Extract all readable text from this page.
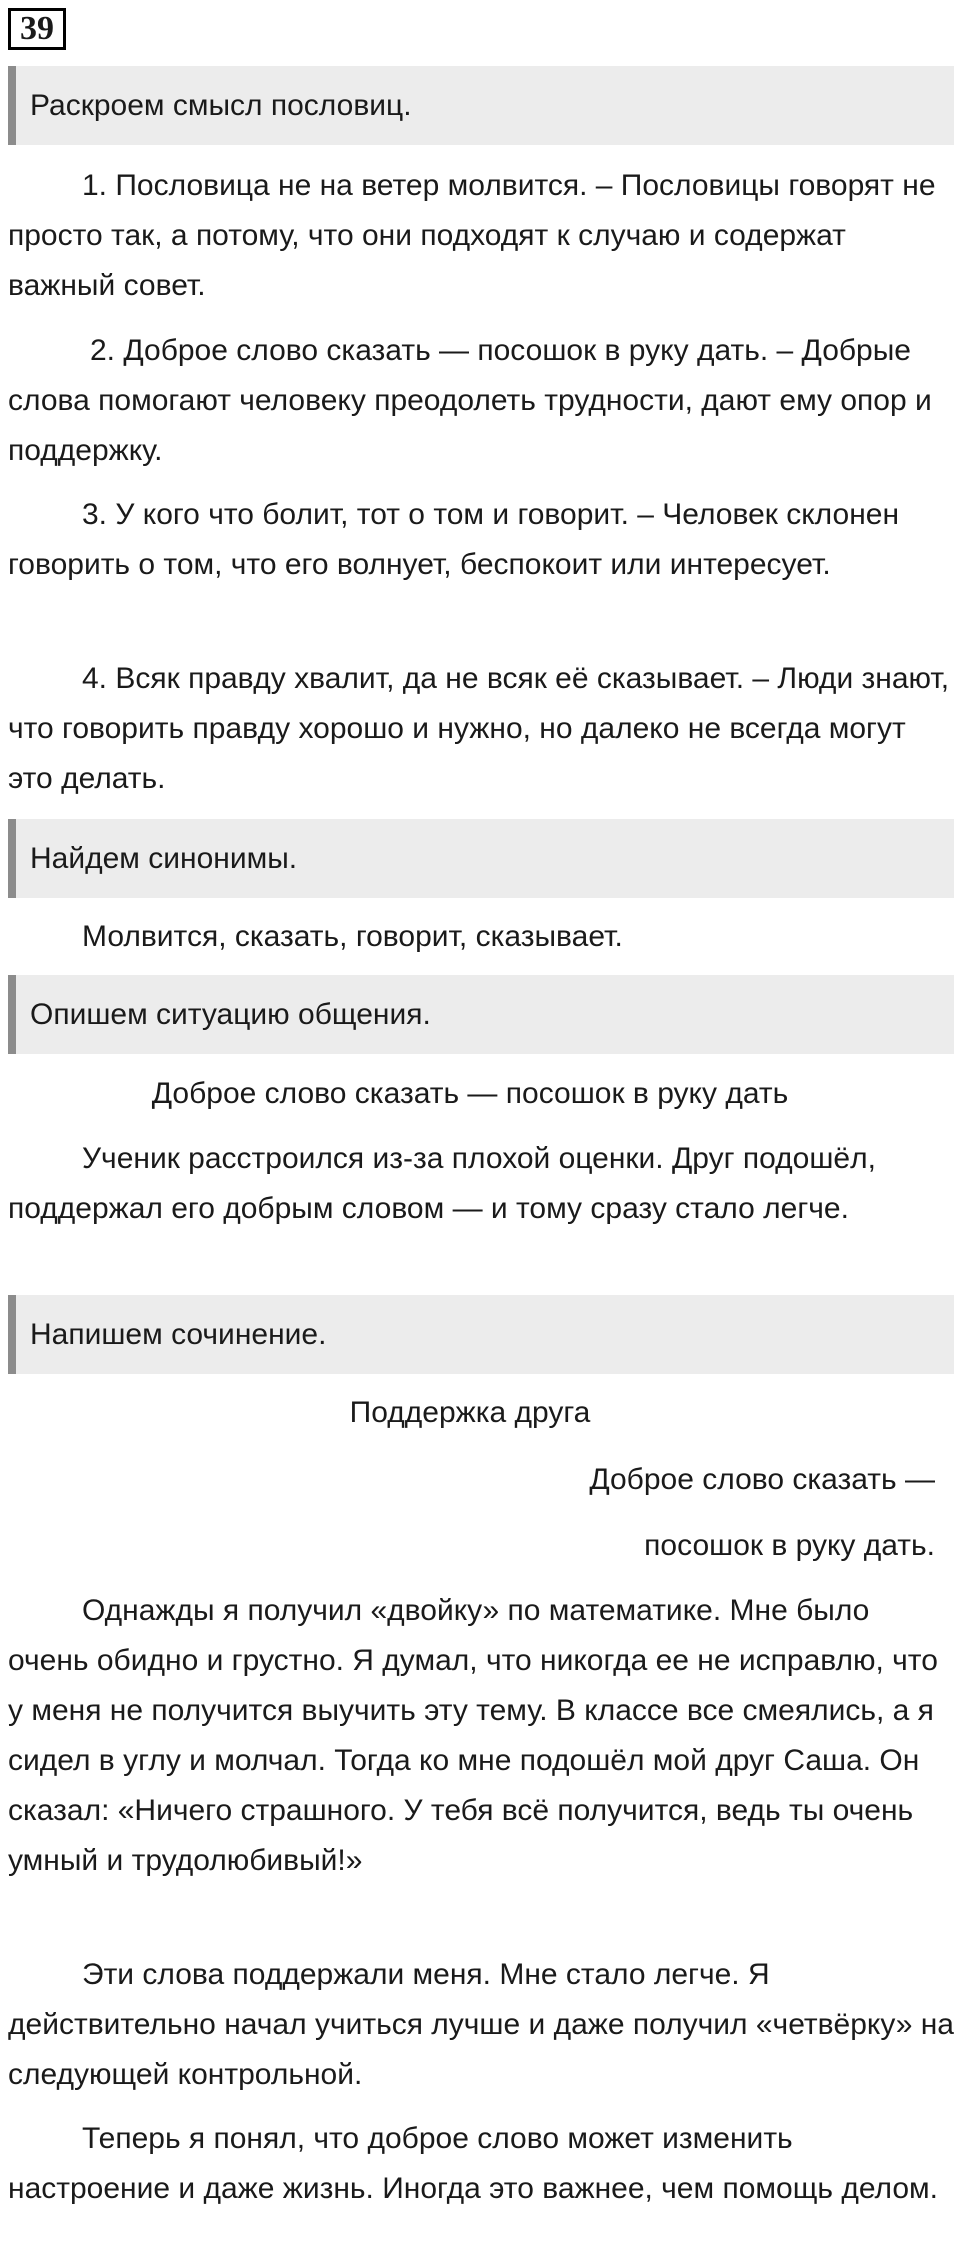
39
Раскроем смысл пословиц.
1. Пословица не на ветер молвится. – Пословицы говорят не просто так, а потому, что они подходят к случаю и содержат важный совет.
2. Доброе слово сказать — посошок в руку дать. – Добрые слова помогают человеку преодолеть трудности, дают ему опор и поддержку.
3. У кого что болит, тот о том и говорит. – Человек склонен говорить о том, что его волнует, беспокоит или интересует.
4. Всяк правду хвалит, да не всяк её сказывает. – Люди знают, что говорить правду хорошо и нужно, но далеко не всегда могут это делать.
Найдем синонимы.
Молвится, сказать, говорит, сказывает.
Опишем ситуацию общения.
Доброе слово сказать — посошок в руку дать
Ученик расстроился из-за плохой оценки. Друг подошёл, поддержал его добрым словом — и тому сразу стало легче.
Напишем сочинение.
Поддержка друга
Доброе слово сказать —
посошок в руку дать.
Однажды я получил «двойку» по математике. Мне было очень обидно и грустно. Я думал, что никогда ее не исправлю, что у меня не получится выучить эту тему. В классе все смеялись, а я сидел в углу и молчал. Тогда ко мне подошёл мой друг Саша. Он сказал: «Ничего страшного. У тебя всё получится, ведь ты очень умный и трудолюбивый!»
Эти слова поддержали меня. Мне стало легче. Я действительно начал учиться лучше и даже получил «четвёрку» на следующей контрольной.
Теперь я понял, что доброе слово может изменить настроение и даже жизнь. Иногда это важнее, чем помощь делом.
